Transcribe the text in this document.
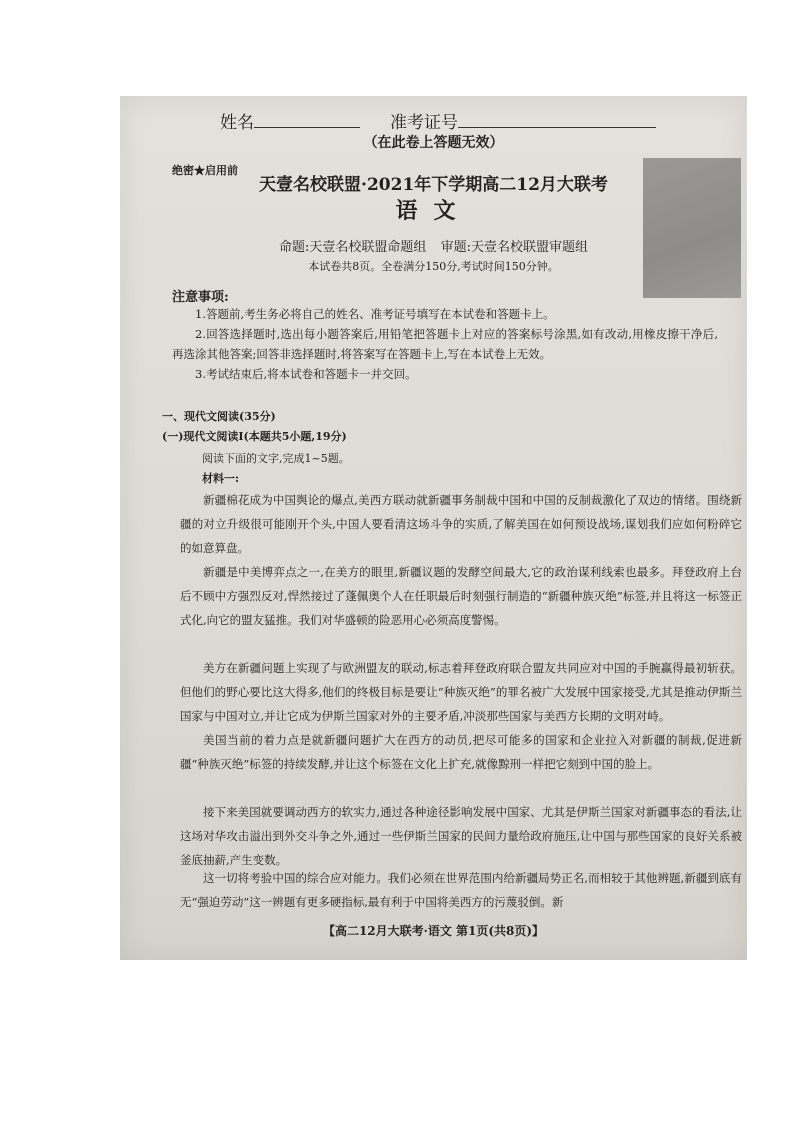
姓名	准考证号
（在此卷上答题无效）
绝密★启用前
天壹名校联盟·2021年下学期高二12月大联考
语文
命题:天壹名校联盟命题组 审题:天壹名校联盟审题组
本试卷共8页。全卷满分150分,考试时间150分钟。
注意事项:
1.答题前,考生务必将自己的姓名、准考证号填写在本试卷和答题卡上。
2.回答选择题时,选出每小题答案后,用铅笔把答题卡上对应的答案标号涂黑,如有改动,用橡皮擦干净后,再选涂其他答案;回答非选择题时,将答案写在答题卡上,写在本试卷上无效。
3.考试结束后,将本试卷和答题卡一并交回。
一、现代文阅读(35分)
(一)现代文阅读Ⅰ(本题共5小题,19分)
阅读下面的文字,完成1~5题。
材料一:
新疆棉花成为中国舆论的爆点,美西方联动就新疆事务制裁中国和中国的反制裁激化了双边的情绪。围绕新疆的对立升级很可能刚开个头,中国人要看清这场斗争的实质,了解美国在如何预设战场,谋划我们应如何粉碎它的如意算盘。
新疆是中美博弈点之一,在美方的眼里,新疆议题的发酵空间最大,它的政治谋利线索也最多。拜登政府上台后不顾中方强烈反对,悍然接过了蓬佩奥个人在任职最后时刻强行制造的“新疆种族灭绝”标签,并且将这一标签正式化,向它的盟友猛推。我们对华盛顿的险恶用心必须高度警惕。
美方在新疆问题上实现了与欧洲盟友的联动,标志着拜登政府联合盟友共同应对中国的手腕赢得最初斩获。但他们的野心要比这大得多,他们的终极目标是要让“种族灭绝”的罪名被广大发展中国家接受,尤其是推动伊斯兰国家与中国对立,并让它成为伊斯兰国家对外的主要矛盾,冲淡那些国家与美西方长期的文明对峙。
美国当前的着力点是就新疆问题扩大在西方的动员,把尽可能多的国家和企业拉入对新疆的制裁,促进新疆“种族灭绝”标签的持续发酵,并让这个标签在文化上扩充,就像黥刑一样把它刻到中国的脸上。
接下来美国就要调动西方的软实力,通过各种途径影响发展中国家、尤其是伊斯兰国家对新疆事态的看法,让这场对华攻击溢出到外交斗争之外,通过一些伊斯兰国家的民间力量给政府施压,让中国与那些国家的良好关系被釜底抽薪,产生变数。
这一切将考验中国的综合应对能力。我们必须在世界范围内给新疆局势正名,而相较于其他辨题,新疆到底有无“强迫劳动”这一辨题有更多硬指标,最有利于中国将美西方的污蔑驳倒。新
【高二12月大联考·语文 第1页(共8页)】
